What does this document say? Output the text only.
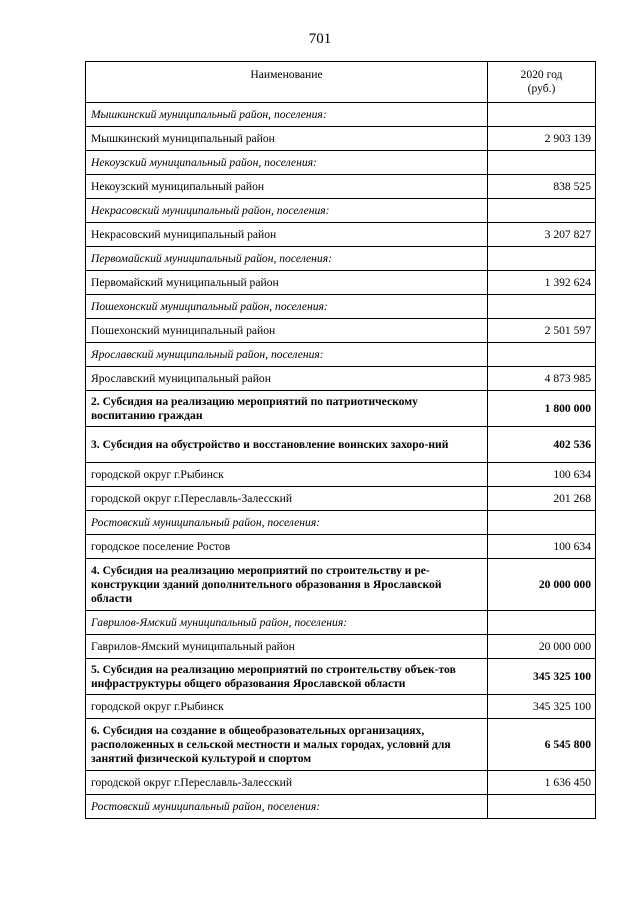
701
Наименование	2020 год
(руб.)

Мышкинский муниципальный район, поселения:	
Мышкинский муниципальный район	2 903 139
Некоузский муниципальный район, поселения:	
Некоузский муниципальный район	838 525
Некрасовский муниципальный район, поселения:	
Некрасовский муниципальный район	3 207 827
Первомайский муниципальный район, поселения:	
Первомайский муниципальный район	1 392 624
Пошехонский муниципальный район, поселения:	
Пошехонский муниципальный район	2 501 597
Ярославский муниципальный район, поселения:	
Ярославский муниципальный район	4 873 985
2. Субсидия на реализацию мероприятий по патриотическому воспитанию граждан	1 800 000
3. Субсидия на обустройство и восстановление воинских захоро-ний	402 536
городской округ г.Рыбинск	100 634
городской округ г.Переславль-Залесский	201 268
Ростовский муниципальный район, поселения:	
городское поселение Ростов	100 634
4. Субсидия на реализацию мероприятий по строительству и ре-конструкции зданий дополнительного образования в Ярославской области	20 000 000
Гаврилов-Ямский муниципальный район, поселения:	
Гаврилов-Ямский муниципальный район	20 000 000
5. Субсидия на реализацию мероприятий по строительству объек-тов инфраструктуры общего образования Ярославской области	345 325 100
городской округ г.Рыбинск	345 325 100
6. Субсидия на создание в общеобразовательных организациях, расположенных в сельской местности и малых городах, условий для занятий физической культурой и спортом	6 545 800
городской округ г.Переславль-Залесский	1 636 450
Ростовский муниципальный район, поселения:	
